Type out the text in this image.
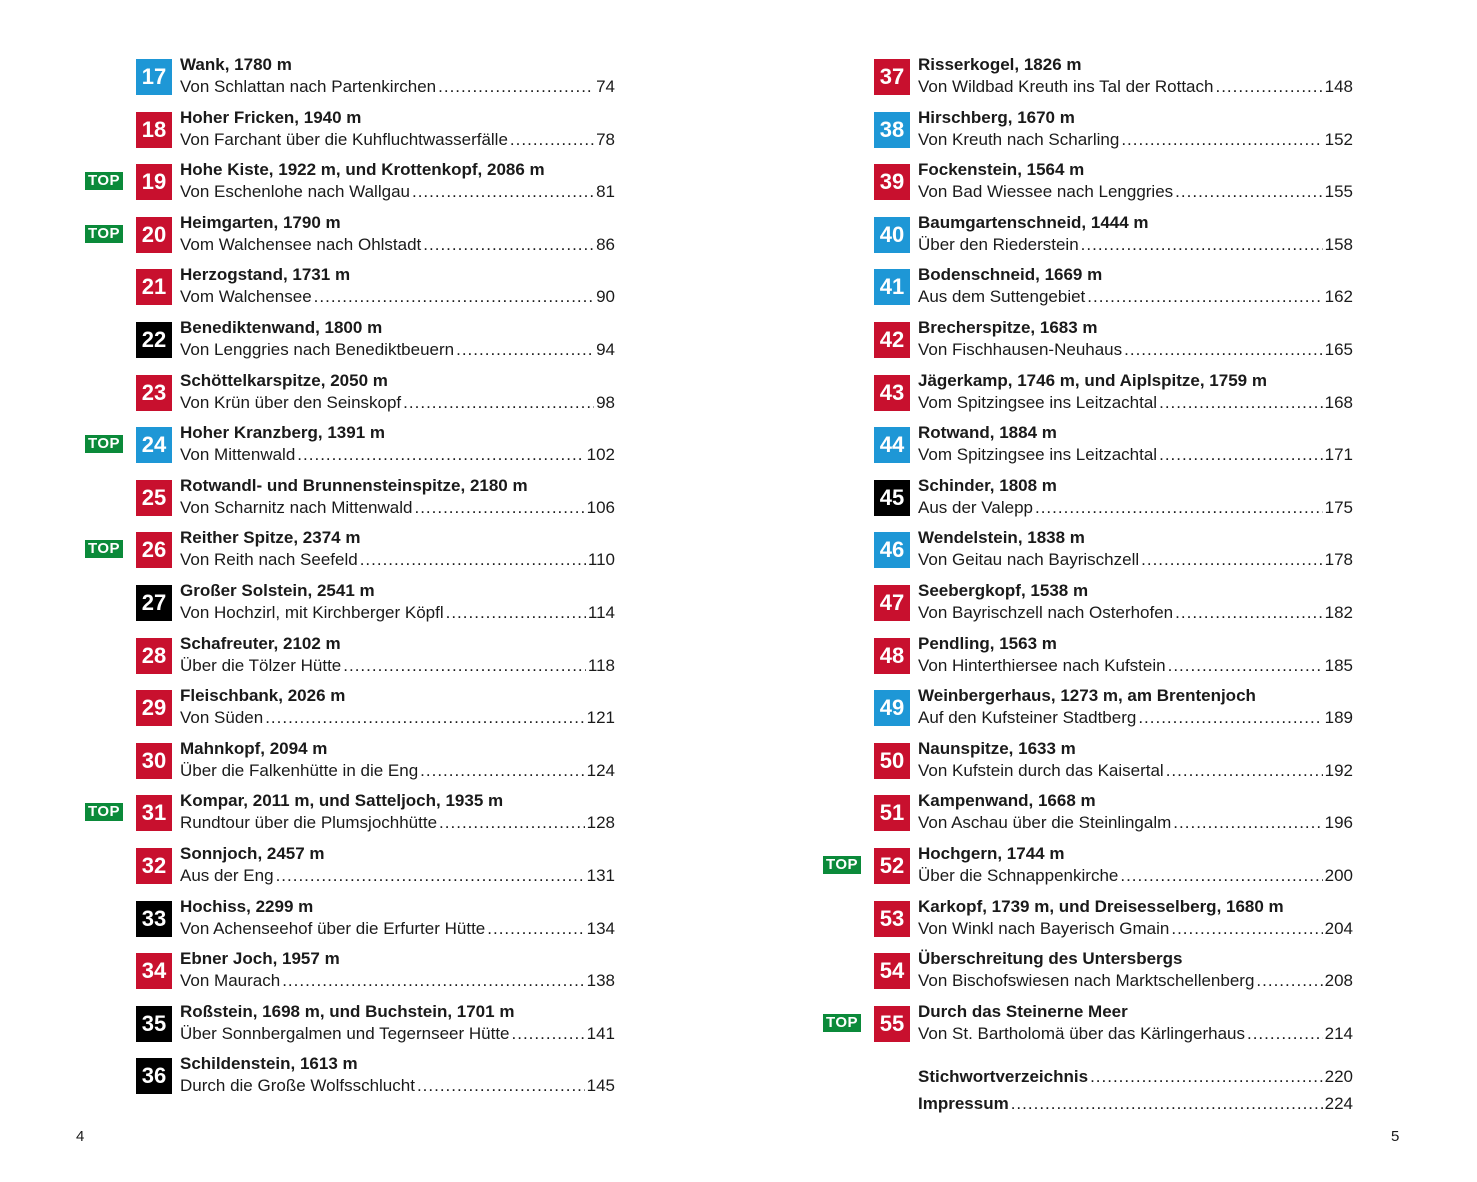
17 Wank, 1780 m
Von Schlattan nach Partenkirchen .....	74
18 Hoher Fricken, 1940 m
Von Farchant über die Kuhfluchtwasserfälle .....	78
TOP 19 Hohe Kiste, 1922 m, und Krottenkopf, 2086 m
Von Eschenlohe nach Wallgau .....	81
TOP 20 Heimgarten, 1790 m
Vom Walchensee nach Ohlstadt .....	86
21 Herzogstand, 1731 m
Vom Walchensee .....	90
22 Benediktenwand, 1800 m
Von Lenggries nach Benediktbeuern .....	94
23 Schöttelkarspitze, 2050 m
Von Krün über den Seinskopf .....	98
TOP 24 Hoher Kranzberg, 1391 m
Von Mittenwald .....	102
25 Rotwandl- und Brunnensteinspitze, 2180 m
Von Scharnitz nach Mittenwald .....	106
TOP 26 Reither Spitze, 2374 m
Von Reith nach Seefeld .....	110
27 Großer Solstein, 2541 m
Von Hochzirl, mit Kirchberger Köpfl .....	114
28 Schafreuter, 2102 m
Über die Tölzer Hütte .....	118
29 Fleischbank, 2026 m
Von Süden .....	121
30 Mahnkopf, 2094 m
Über die Falkenhütte in die Eng .....	124
TOP 31 Kompar, 2011 m, und Satteljoch, 1935 m
Rundtour über die Plumsjochhütte .....	128
32 Sonnjoch, 2457 m
Aus der Eng .....	131
33 Hochiss, 2299 m
Von Achenseehof über die Erfurter Hütte .....	134
34 Ebner Joch, 1957 m
Von Maurach .....	138
35 Roßstein, 1698 m, und Buchstein, 1701 m
Über Sonnbergalmen und Tegernseer Hütte .....	141
36 Schildenstein, 1613 m
Durch die Große Wolfsschlucht .....	145
37 Risserkogel, 1826 m
Von Wildbad Kreuth ins Tal der Rottach .....	148
38 Hirschberg, 1670 m
Von Kreuth nach Scharling .....	152
39 Fockenstein, 1564 m
Von Bad Wiessee nach Lenggries .....	155
40 Baumgartenschneid, 1444 m
Über den Riederstein .....	158
41 Bodenschneid, 1669 m
Aus dem Suttengebiet .....	162
42 Brecherspitze, 1683 m
Von Fischhausen-Neuhaus .....	165
43 Jägerkamp, 1746 m, und Aiplspitze, 1759 m
Vom Spitzingsee ins Leitzachtal .....	168
44 Rotwand, 1884 m
Vom Spitzingsee ins Leitzachtal .....	171
45 Schinder, 1808 m
Aus der Valepp .....	175
46 Wendelstein, 1838 m
Von Geitau nach Bayrischzell .....	178
47 Seebergkopf, 1538 m
Von Bayrischzell nach Osterhofen .....	182
48 Pendling, 1563 m
Von Hinterthiersee nach Kufstein .....	185
49 Weinbergerhaus, 1273 m, am Brentenjoch
Auf den Kufsteiner Stadtberg .....	189
50 Naunspitze, 1633 m
Von Kufstein durch das Kaisertal .....	192
51 Kampenwand, 1668 m
Von Aschau über die Steinlingalm .....	196
TOP 52 Hochgern, 1744 m
Über die Schnappenkirche .....	200
53 Karkopf, 1739 m, und Dreisesselberg, 1680 m
Von Winkl nach Bayerisch Gmain .....	204
54 Überschreitung des Untersbergs
Von Bischofswiesen nach Marktschellenberg .....	208
TOP 55 Durch das Steinerne Meer
Von St. Bartholomä über das Kärlingerhaus .....	214
Stichwortverzeichnis .....	220
Impressum .....	224
4	5
